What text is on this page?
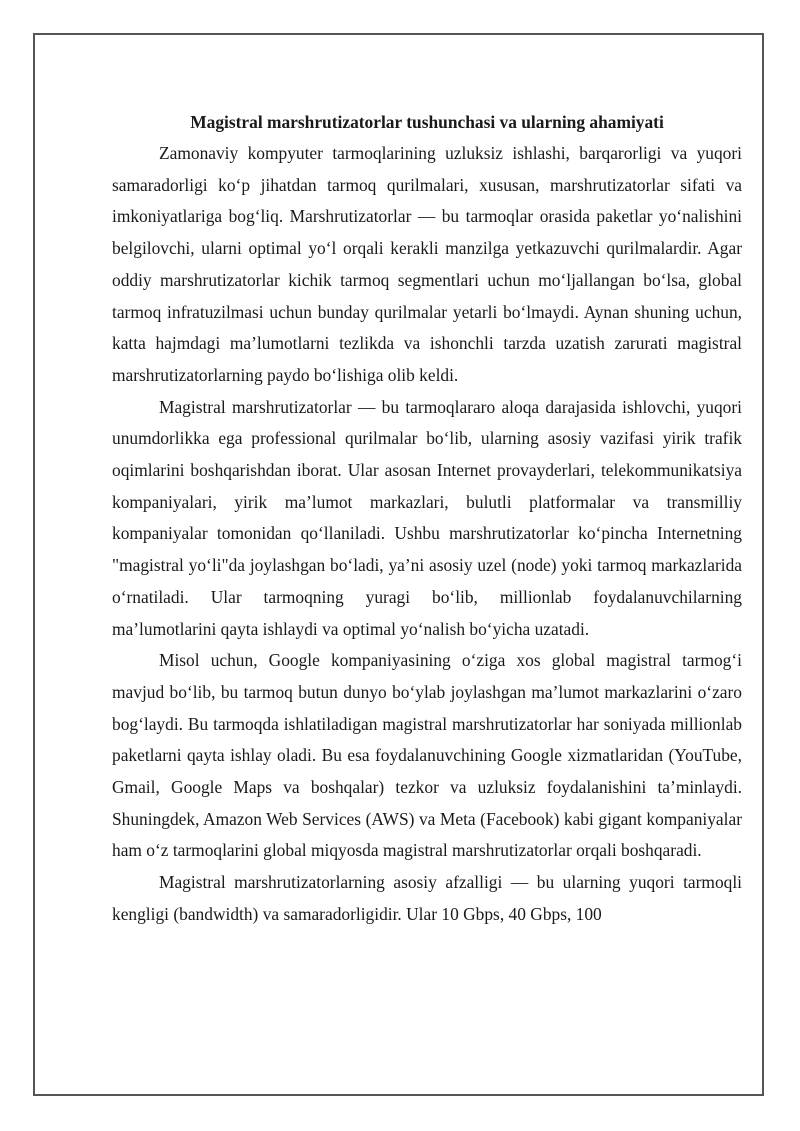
Magistral marshrutizatorlar tushunchasi va ularning ahamiyati

Zamonaviy kompyuter tarmoqlarining uzluksiz ishlashi, barqarorligi va yuqori samaradorligi ko‘p jihatdan tarmoq qurilmalari, xususan, marshrutizatorlar sifati va imkoniyatlariga bog‘liq. Marshrutizatorlar — bu tarmoqlar orasida paketlar yo‘nalishini belgilovchi, ularni optimal yo‘l orqali kerakli manzilga yetkazuvchi qurilmalardir. Agar oddiy marshrutizatorlar kichik tarmoq segmentlari uchun mo‘ljallangan bo‘lsa, global tarmoq infratuzilmasi uchun bunday qurilmalar yetarli bo‘lmaydi. Aynan shuning uchun, katta hajmdagi ma’lumotlarni tezlikda va ishonchli tarzda uzatish zarurati magistral marshrutizatorlarning paydo bo‘lishiga olib keldi.

Magistral marshrutizatorlar — bu tarmoqlararo aloqa darajasida ishlovchi, yuqori unumdorlikka ega professional qurilmalar bo‘lib, ularning asosiy vazifasi yirik trafik oqimlarini boshqarishdan iborat. Ular asosan Internet provayderlari, telekommunikatsiya kompaniyalari, yirik ma’lumot markazlari, bulutli platformalar va transmilliy kompaniyalar tomonidan qo‘llaniladi. Ushbu marshrutizatorlar ko‘pincha Internetning "magistral yo‘li"da joylashgan bo‘ladi, ya’ni asosiy uzel (node) yoki tarmoq markazlarida o‘rnatiladi. Ular tarmoqning yuragi bo‘lib, millionlab foydalanuvchilarning ma’lumotlarini qayta ishlaydi va optimal yo‘nalish bo‘yicha uzatadi.

Misol uchun, Google kompaniyasining o‘ziga xos global magistral tarmog‘i mavjud bo‘lib, bu tarmoq butun dunyo bo‘ylab joylashgan ma’lumot markazlarini o‘zaro bog‘laydi. Bu tarmoqda ishlatiladigan magistral marshrutizatorlar har soniyada millionlab paketlarni qayta ishlay oladi. Bu esa foydalanuvchining Google xizmatlaridan (YouTube, Gmail, Google Maps va boshqalar) tezkor va uzluksiz foydalanishini ta’minlaydi. Shuningdek, Amazon Web Services (AWS) va Meta (Facebook) kabi gigant kompaniyalar ham o‘z tarmoqlarini global miqyosda magistral marshrutizatorlar orqali boshqaradi.

Magistral marshrutizatorlarning asosiy afzalligi — bu ularning yuqori tarmoqli kengligi (bandwidth) va samaradorligidir. Ular 10 Gbps, 40 Gbps, 100
